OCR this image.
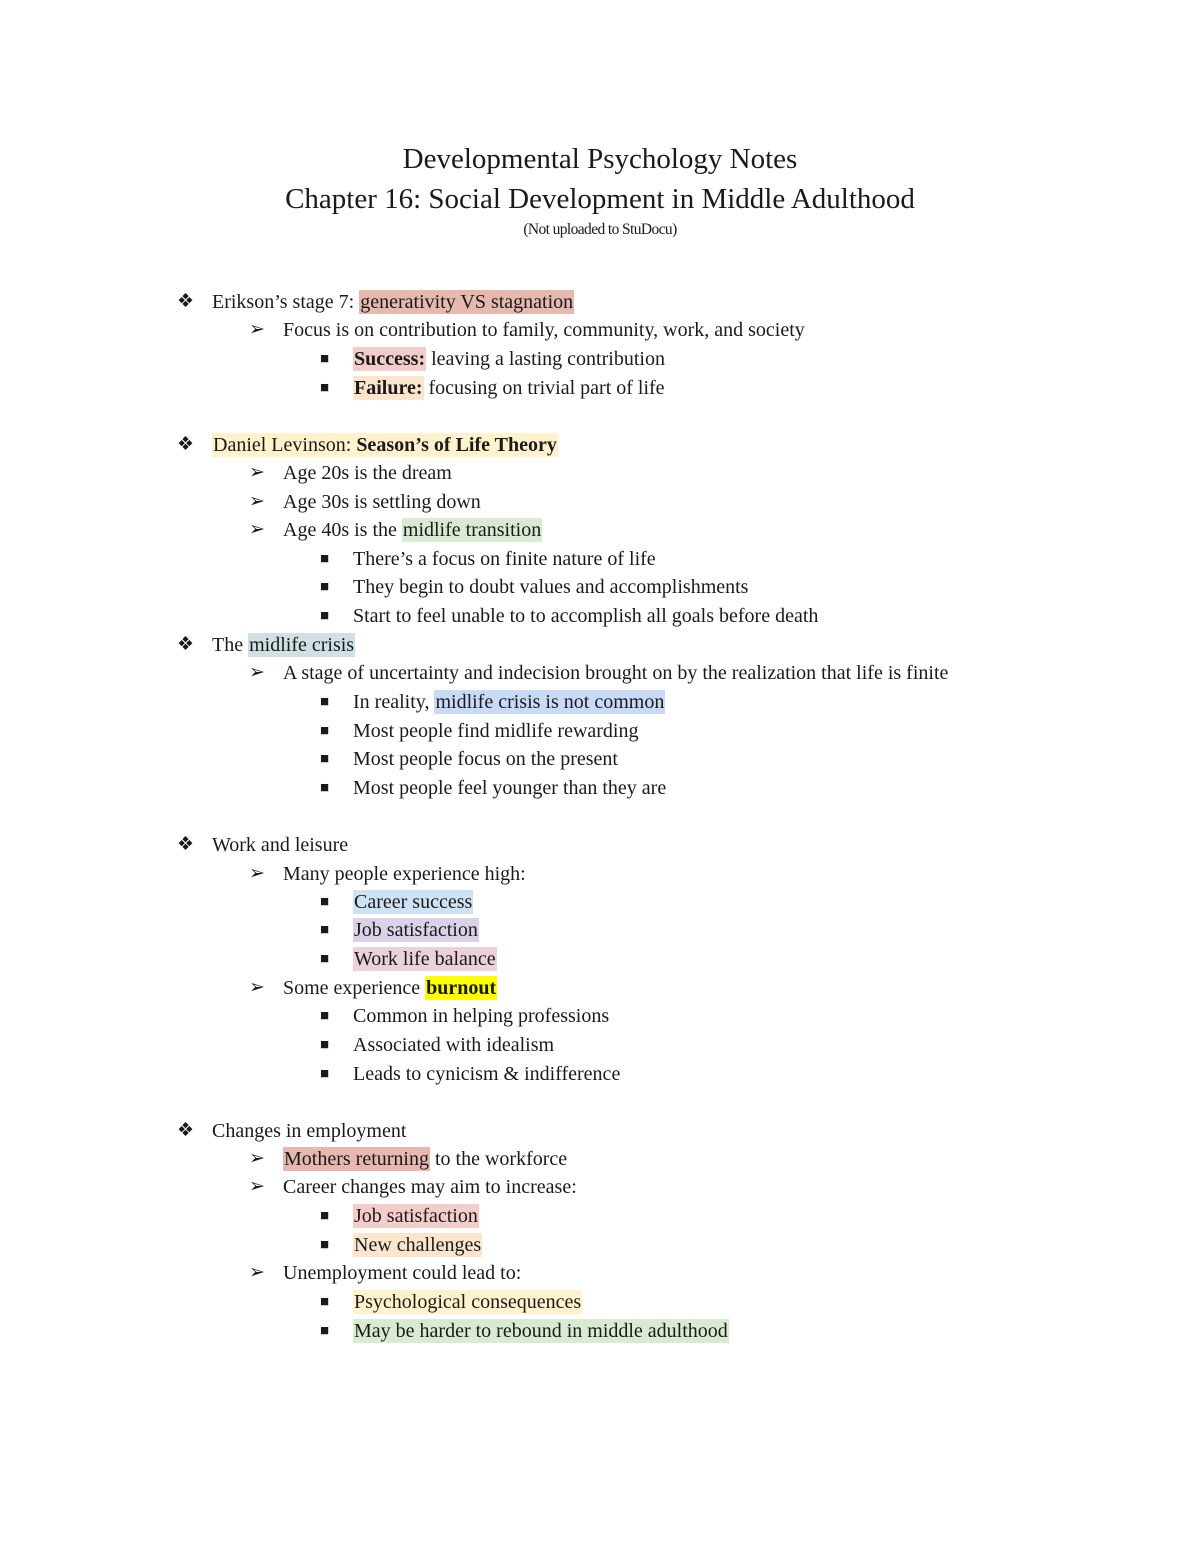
Developmental Psychology Notes
Chapter 16: Social Development in Middle Adulthood
(Not uploaded to StuDocu)
❖ Erikson’s stage 7: generativity VS stagnation
➢ Focus is on contribution to family, community, work, and society
■ Success: leaving a lasting contribution
■ Failure: focusing on trivial part of life
❖ Daniel Levinson: Season’s of Life Theory
➢ Age 20s is the dream
➢ Age 30s is settling down
➢ Age 40s is the midlife transition
■ There’s a focus on finite nature of life
■ They begin to doubt values and accomplishments
■ Start to feel unable to to accomplish all goals before death
❖ The midlife crisis
➢ A stage of uncertainty and indecision brought on by the realization that life is finite
■ In reality, midlife crisis is not common
■ Most people find midlife rewarding
■ Most people focus on the present
■ Most people feel younger than they are
❖ Work and leisure
➢ Many people experience high:
■ Career success
■ Job satisfaction
■ Work life balance
➢ Some experience burnout
■ Common in helping professions
■ Associated with idealism
■ Leads to cynicism & indifference
❖ Changes in employment
➢ Mothers returning to the workforce
➢ Career changes may aim to increase:
■ Job satisfaction
■ New challenges
➢ Unemployment could lead to:
■ Psychological consequences
■ May be harder to rebound in middle adulthood
